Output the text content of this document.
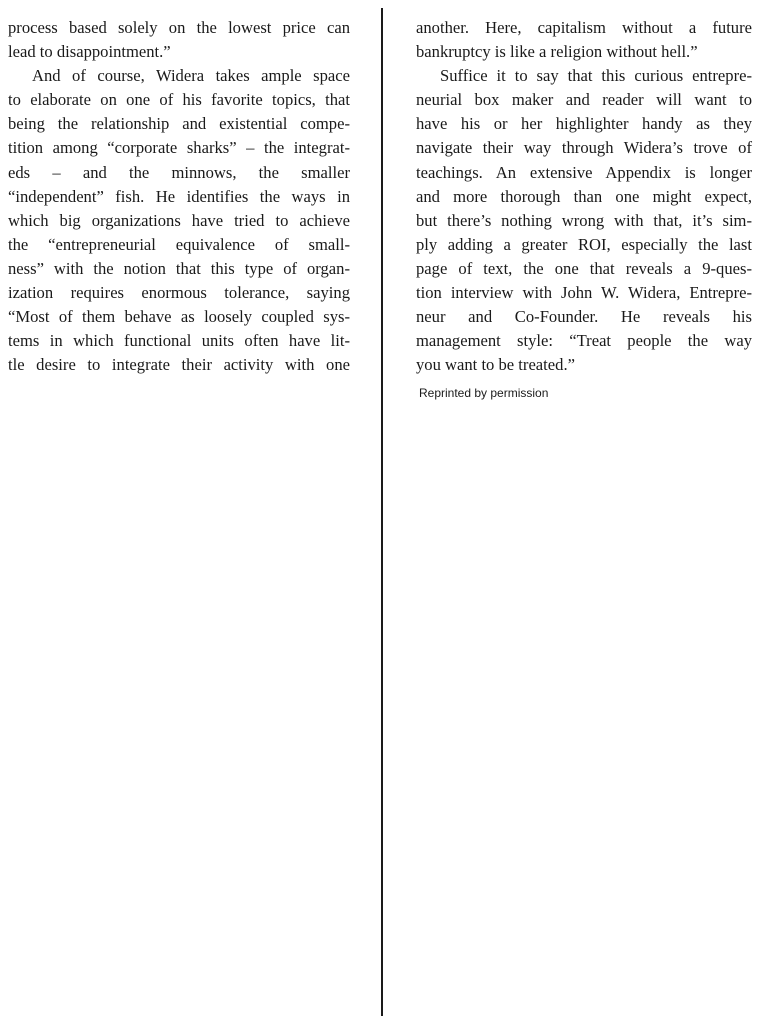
process based solely on the lowest price can
lead to disappointment.”
And of course, Widera takes ample space
to elaborate on one of his favorite topics, that
being the relationship and existential compe-
tition among “corporate sharks” – the integrat-
eds – and the minnows, the smaller
“independent” fish. He identifies the ways in
which big organizations have tried to achieve
the “entrepreneurial equivalence of small-
ness” with the notion that this type of organ-
ization requires enormous tolerance, saying
“Most of them behave as loosely coupled sys-
tems in which functional units often have lit-
tle desire to integrate their activity with one
another. Here, capitalism without a future
bankruptcy is like a religion without hell.”
Suffice it to say that this curious entrepre-
neurial box maker and reader will want to
have his or her highlighter handy as they
navigate their way through Widera’s trove of
teachings. An extensive Appendix is longer
and more thorough than one might expect,
but there’s nothing wrong with that, it’s sim-
ply adding a greater ROI, especially the last
page of text, the one that reveals a 9-ques-
tion interview with John W. Widera, Entrepre-
neur and Co-Founder. He reveals his
management style: “Treat people the way
you want to be treated.”
Reprinted by permission
